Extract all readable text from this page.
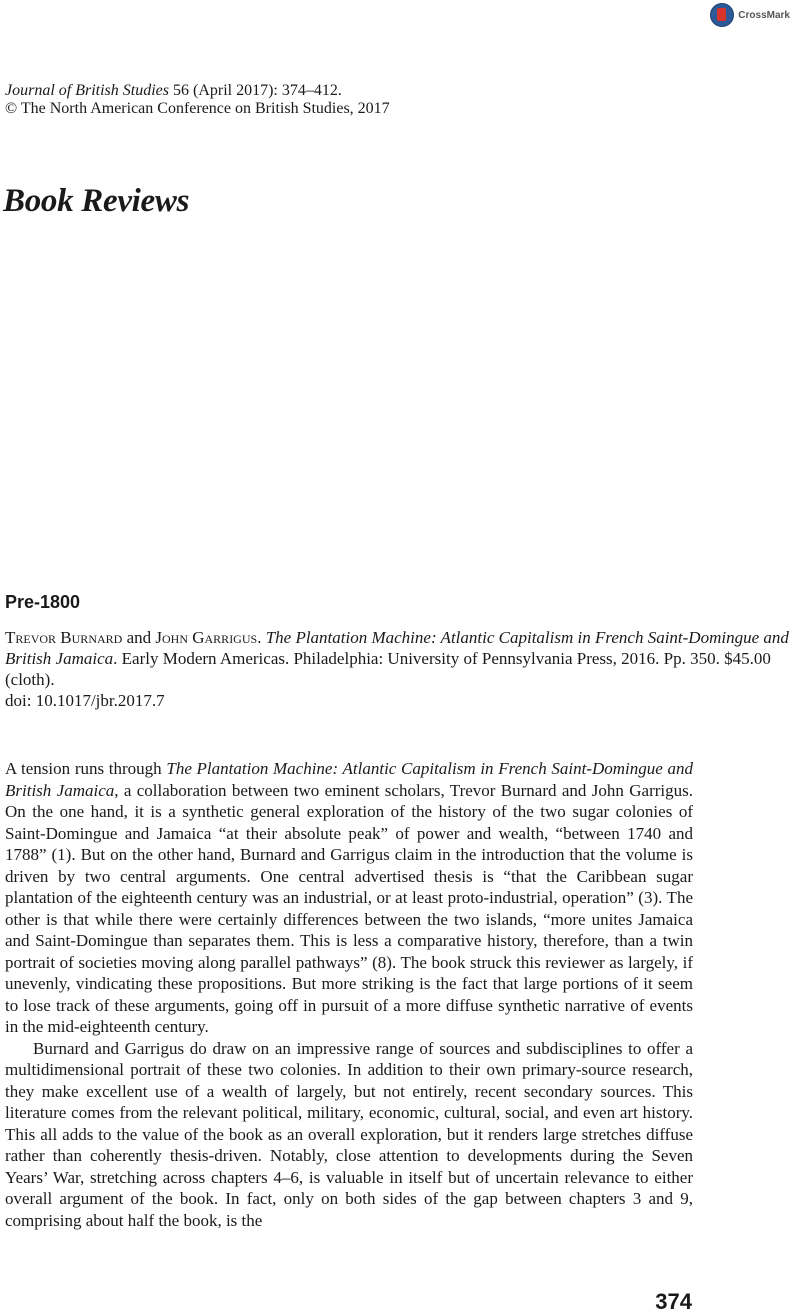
CrossMark
Journal of British Studies 56 (April 2017): 374–412.
© The North American Conference on British Studies, 2017
Book Reviews
Pre-1800
Trevor Burnard and John Garrigus. The Plantation Machine: Atlantic Capitalism in French Saint-Domingue and British Jamaica. Early Modern Americas. Philadelphia: University of Pennsylvania Press, 2016. Pp. 350. $45.00 (cloth).
doi: 10.1017/jbr.2017.7

A tension runs through The Plantation Machine: Atlantic Capitalism in French Saint-Domingue and British Jamaica, a collaboration between two eminent scholars, Trevor Burnard and John Garrigus. On the one hand, it is a synthetic general exploration of the history of the two sugar colonies of Saint-Domingue and Jamaica “at their absolute peak” of power and wealth, “between 1740 and 1788” (1). But on the other hand, Burnard and Garrigus claim in the introduction that the volume is driven by two central arguments. One central advertised thesis is “that the Caribbean sugar plantation of the eighteenth century was an industrial, or at least proto-industrial, operation” (3). The other is that while there were certainly differences between the two islands, “more unites Jamaica and Saint-Domingue than separates them. This is less a comparative history, therefore, than a twin portrait of societies moving along parallel pathways” (8). The book struck this reviewer as largely, if unevenly, vindicating these propositions. But more striking is the fact that large portions of it seem to lose track of these arguments, going off in pursuit of a more diffuse synthetic narrative of events in the mid-eighteenth century.

Burnard and Garrigus do draw on an impressive range of sources and subdisciplines to offer a multidimensional portrait of these two colonies. In addition to their own primary-source research, they make excellent use of a wealth of largely, but not entirely, recent secondary sources. This literature comes from the relevant political, military, economic, cultural, social, and even art history. This all adds to the value of the book as an overall exploration, but it renders large stretches diffuse rather than coherently thesis-driven. Notably, close attention to developments during the Seven Years’ War, stretching across chapters 4–6, is valuable in itself but of uncertain relevance to either overall argument of the book. In fact, only on both sides of the gap between chapters 3 and 9, comprising about half the book, is the

374
